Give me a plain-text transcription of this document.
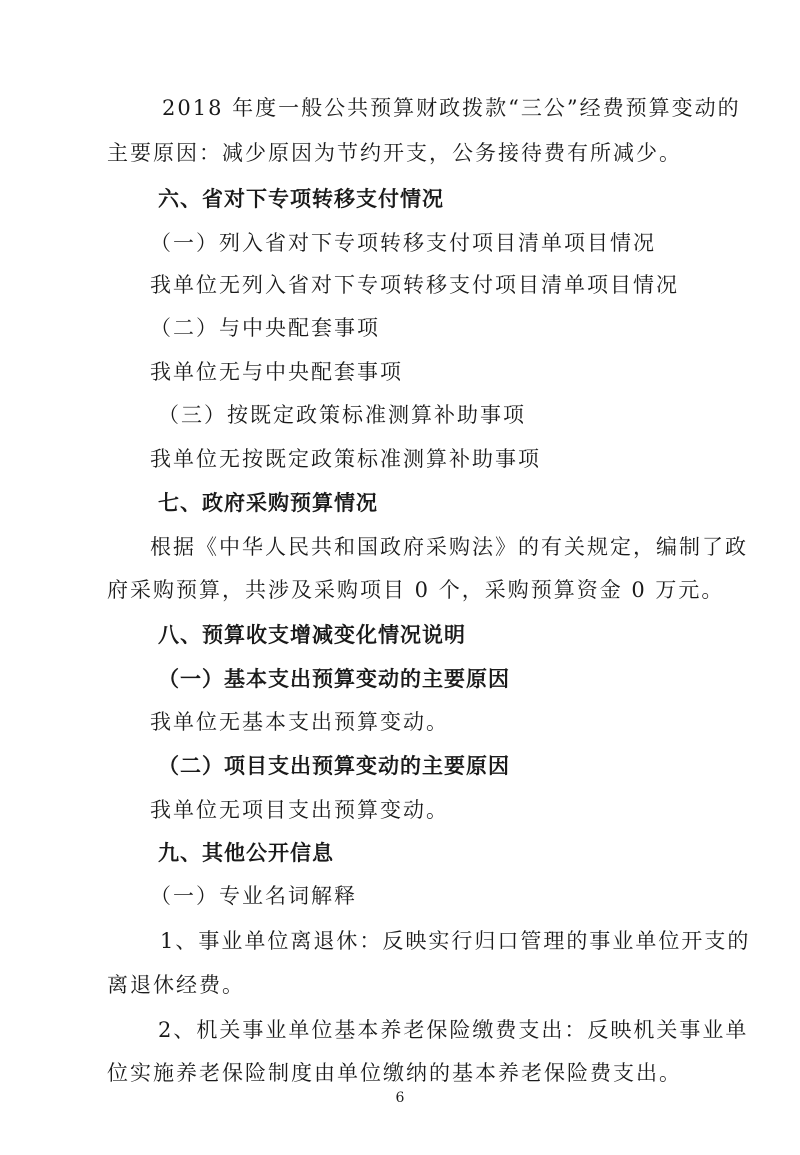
2018 年度一般公共预算财政拨款“三公”经费预算变动的
主要原因：减少原因为节约开支，公务接待费有所减少。
六、省对下专项转移支付情况
（一）列入省对下专项转移支付项目清单项目情况
我单位无列入省对下专项转移支付项目清单项目情况
（二）与中央配套事项
我单位无与中央配套事项
（三）按既定政策标准测算补助事项
我单位无按既定政策标准测算补助事项
七、政府采购预算情况
根据《中华人民共和国政府采购法》的有关规定，编制了政
府采购预算，共涉及采购项目 0 个，采购预算资金 0 万元。
八、预算收支增减变化情况说明
（一）基本支出预算变动的主要原因
我单位无基本支出预算变动。
（二）项目支出预算变动的主要原因
我单位无项目支出预算变动。
九、其他公开信息
（一）专业名词解释
1、事业单位离退休：反映实行归口管理的事业单位开支的
离退休经费。
2、机关事业单位基本养老保险缴费支出：反映机关事业单
位实施养老保险制度由单位缴纳的基本养老保险费支出。
6
